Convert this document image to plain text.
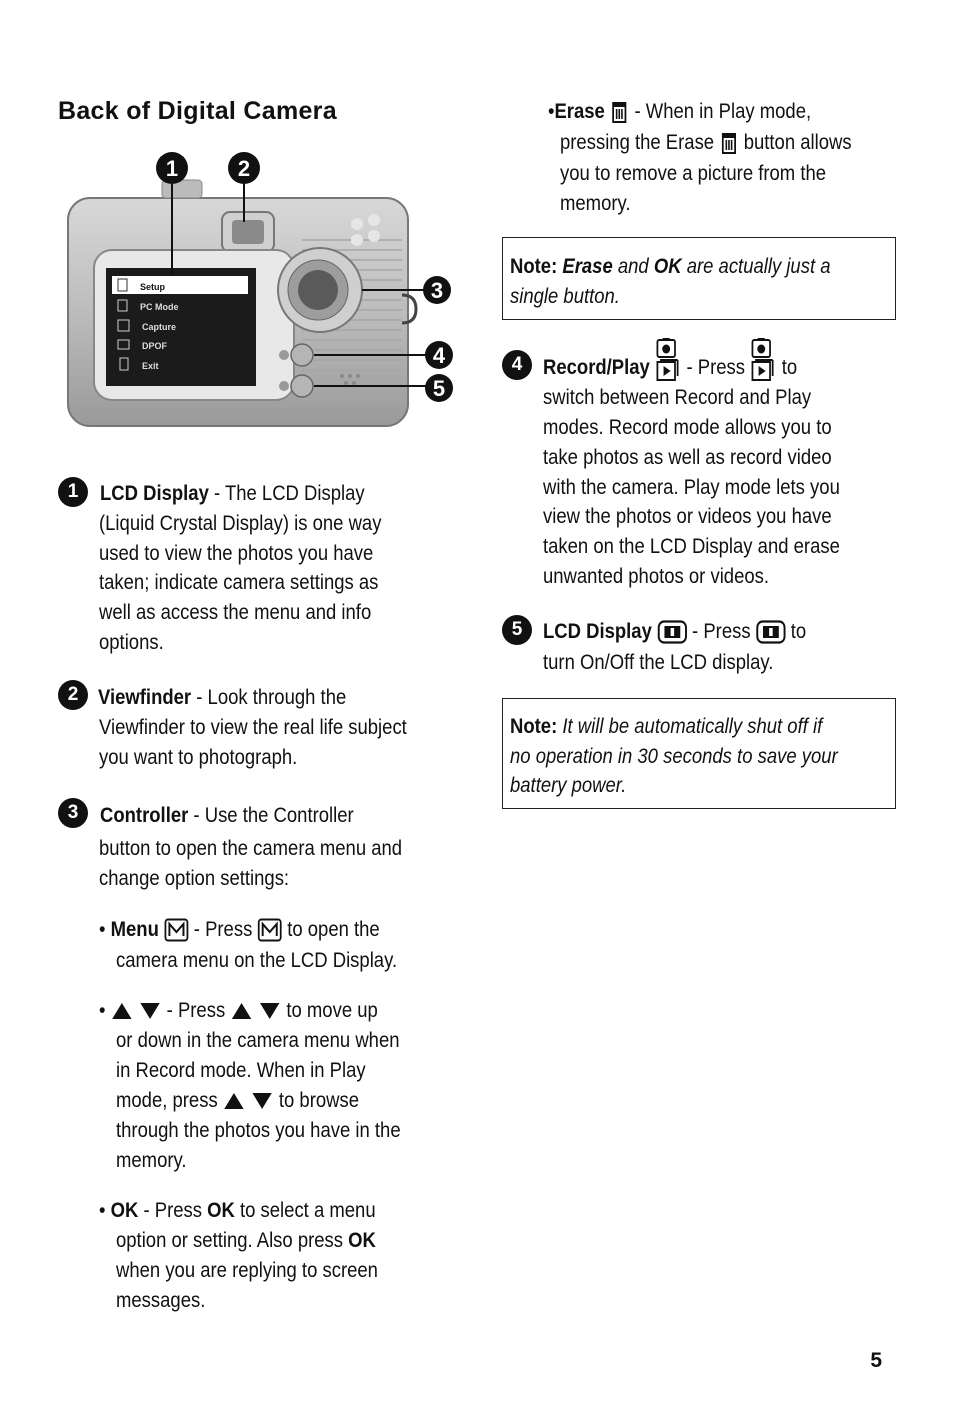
Back of Digital Camera
Setup
PC Mode
Capture
DPOF
Exit
1	2
3
4
5
1	LCD Display - The LCD Display
(Liquid Crystal Display) is one way
used to view the photos you have
taken; indicate camera settings as
well as access the menu and info
options.
2 Viewfinder - Look through the
Viewfinder to view the real life subject
you want to photograph.
3	Controller - Use the Controller
button to open the camera menu and
change option settings:
• Menu  - Press  to open the
camera menu on the LCD Display.
•	- Press   to move up
or down in the camera menu when
in Record mode. When in Play
mode, press	to browse
through the photos you have in the
memory.
• OK - Press OK to select a menu
option or setting. Also press OK
when you are replying to screen
messages.
•Erase  - When in Play mode,
pressing the Erase  button allows
you to remove a picture from the
memory.
Note: Erase and OK are actually just a
single button.
4 Record/Play  - Press  to
switch between Record and Play
modes. Record mode allows you to
take photos as well as record video
with the camera. Play mode lets you
view the photos or videos you have
taken on the LCD Display and erase
unwanted photos or videos.
5 LCD Display  - Press  to
turn On/Off the LCD display.
Note: It will be automatically shut off if
no operation in 30 seconds to save your
battery power.
5
